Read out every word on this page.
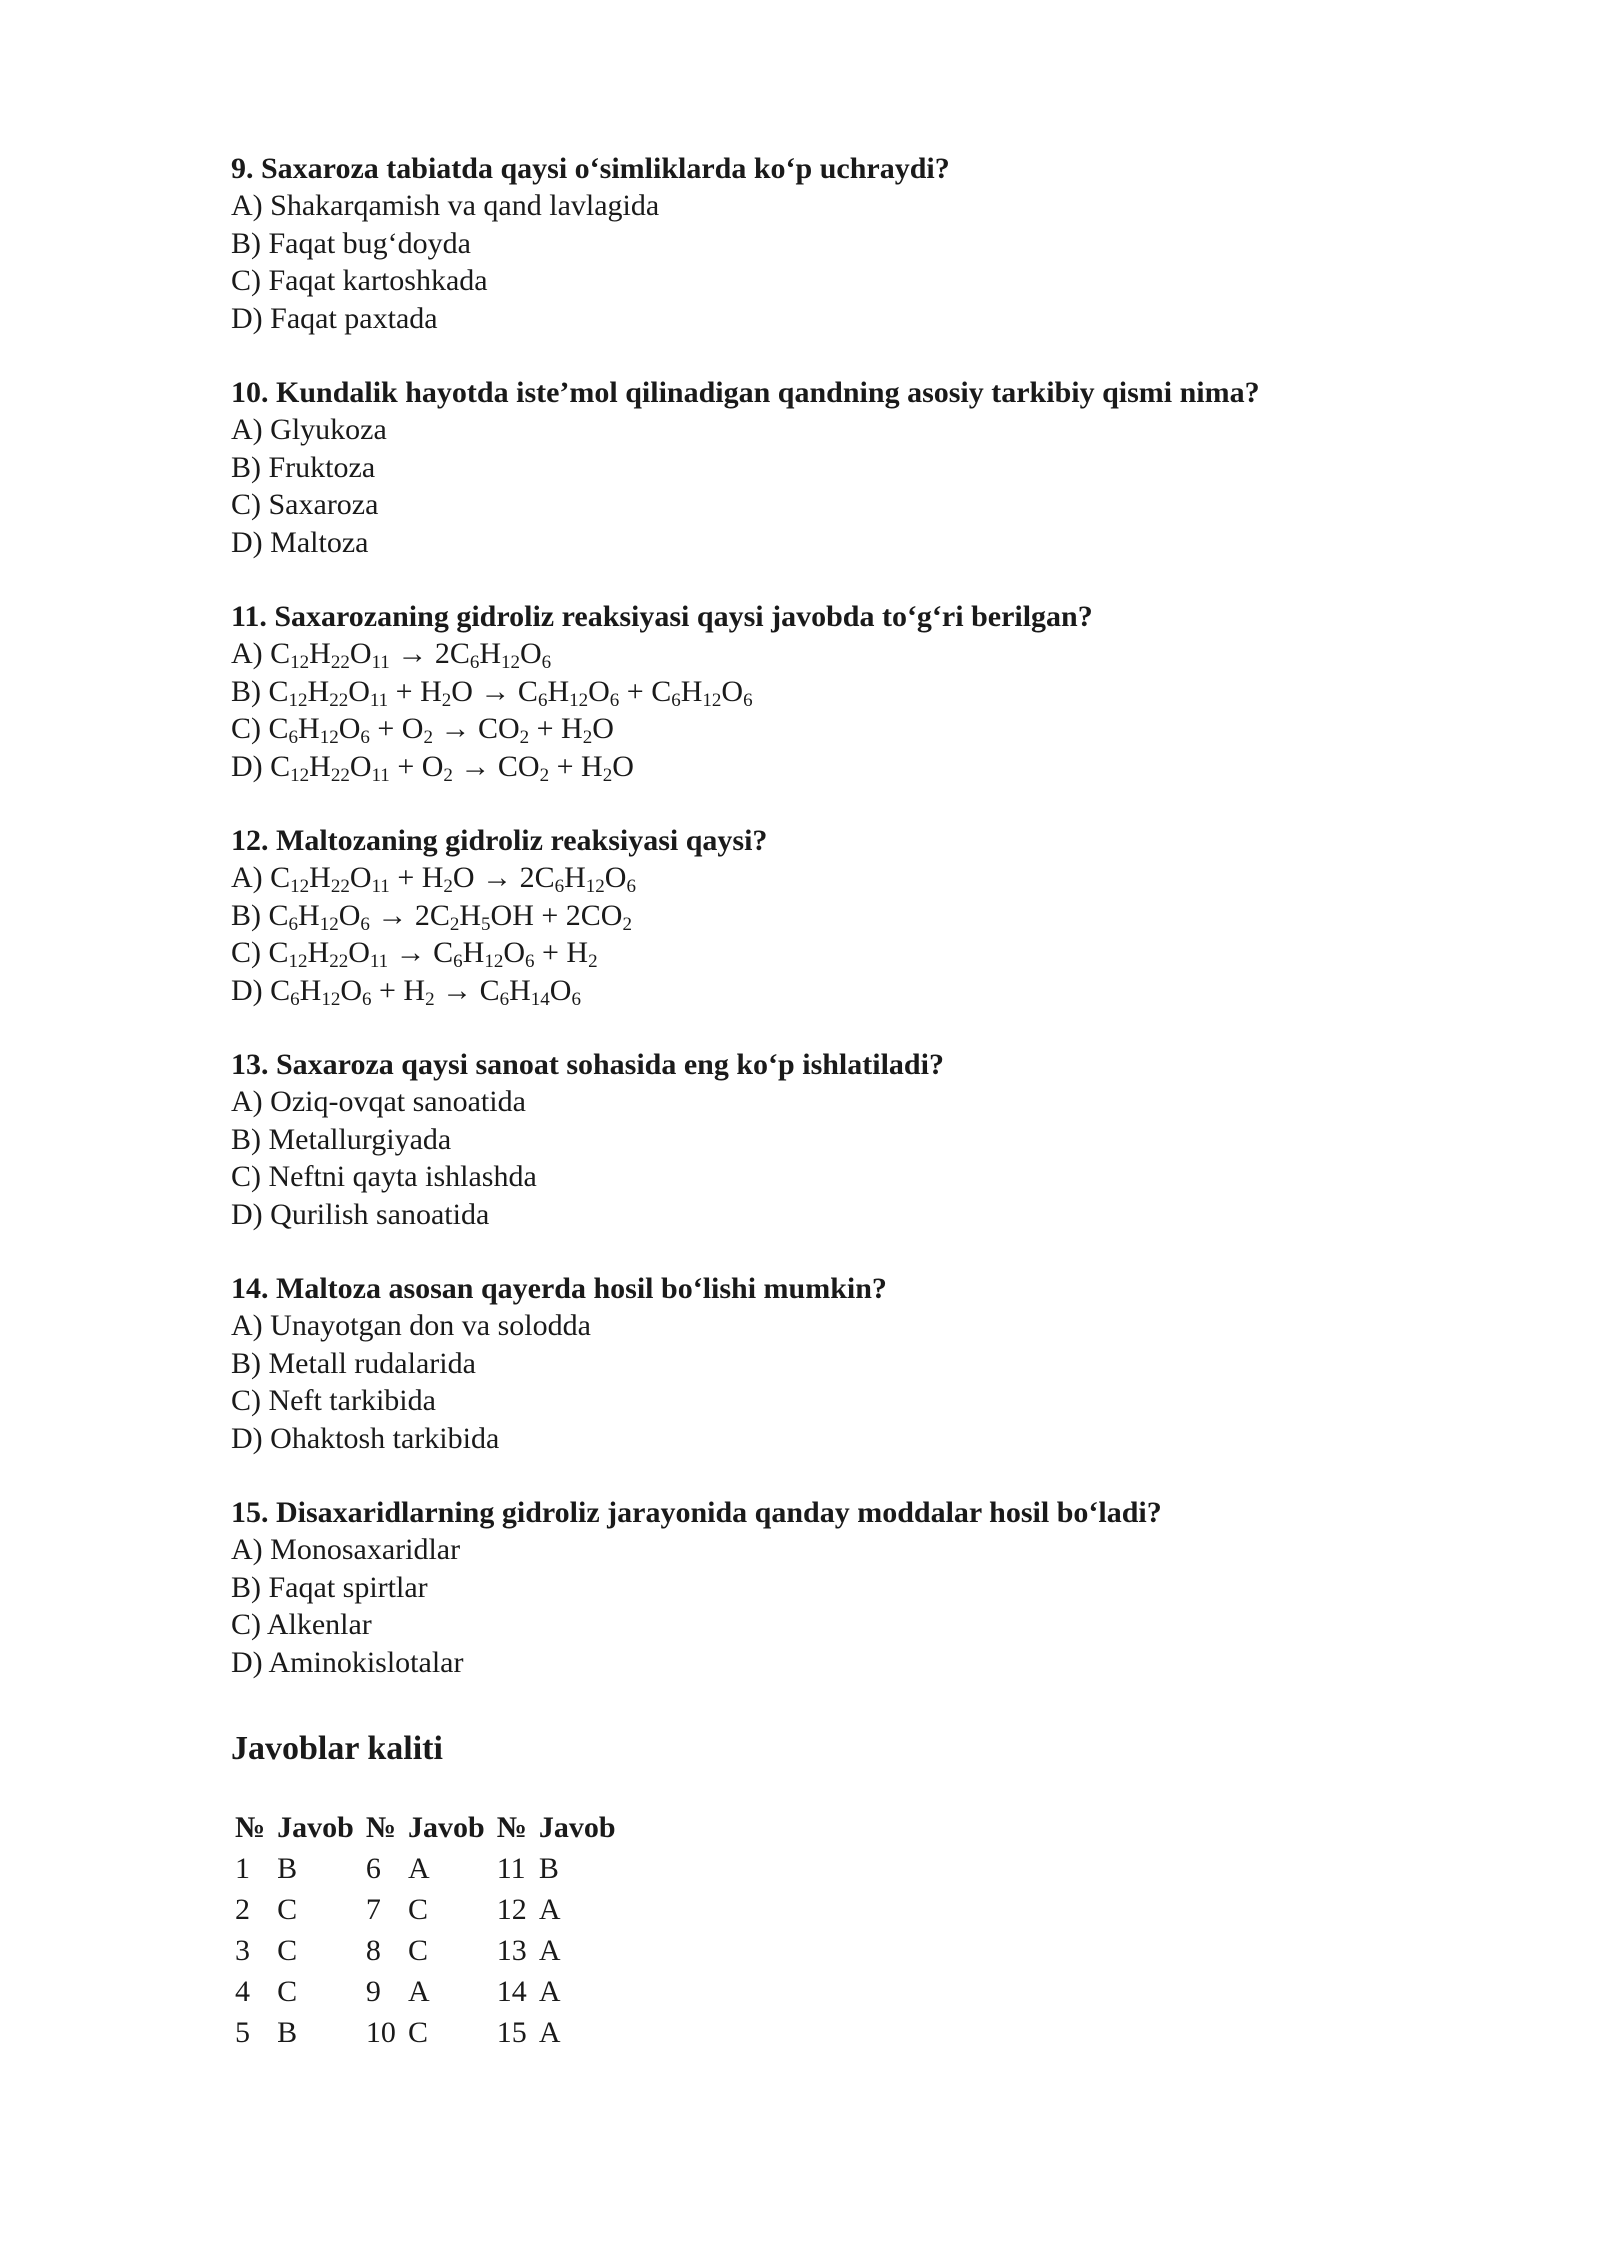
9. Saxaroza tabiatda qaysi o‘simliklarda ko‘p uchraydi?
A) Shakarqamish va qand lavlagida
B) Faqat bug‘doyda
C) Faqat kartoshkada
D) Faqat paxtada
10. Kundalik hayotda iste’mol qilinadigan qandning asosiy tarkibiy qismi nima?
A) Glyukoza
B) Fruktoza
C) Saxaroza
D) Maltoza
11. Saxarozaning gidroliz reaksiyasi qaysi javobda to‘g‘ri berilgan?
A) $C_{12}H_{22}O_{11} \to 2C_6H_{12}O_6$
B) $C_{12}H_{22}O_{11} + H_2O \to C_6H_{12}O_6 + C_6H_{12}O_6$
C) $C_6H_{12}O_6 + O_2 \to CO_2 + H_2O$
D) $C_{12}H_{22}O_{11} + O_2 \to CO_2 + H_2O$
12. Maltozaning gidroliz reaksiyasi qaysi?
A) $C_{12}H_{22}O_{11} + H_2O \to 2C_6H_{12}O_6$
B) $C_6H_{12}O_6 \to 2C_2H_5OH + 2CO_2$
C) $C_{12}H_{22}O_{11} \to C_6H_{12}O_6 + H_2$
D) $C_6H_{12}O_6 + H_2 \to C_6H_{14}O_6$
13. Saxaroza qaysi sanoat sohasida eng ko‘p ishlatiladi?
A) Oziq-ovqat sanoatida
B) Metallurgiyada
C) Neftni qayta ishlashda
D) Qurilish sanoatida
14. Maltoza asosan qayerda hosil bo‘lishi mumkin?
A) Unayotgan don va solodda
B) Metall rudalarida
C) Neft tarkibida
D) Ohaktosh tarkibida
15. Disaxaridlarning gidroliz jarayonida qanday moddalar hosil bo‘ladi?
A) Monosaxaridlar
B) Faqat spirtlar
C) Alkenlar
D) Aminokislotalar
Javoblar kaliti
№	Javob	№	Javob	№	Javob
1	B	6	A	11	B
2	C	7	C	12	A
3	C	8	C	13	A
4	C	9	A	14	A
5	B	10	C	15	A
